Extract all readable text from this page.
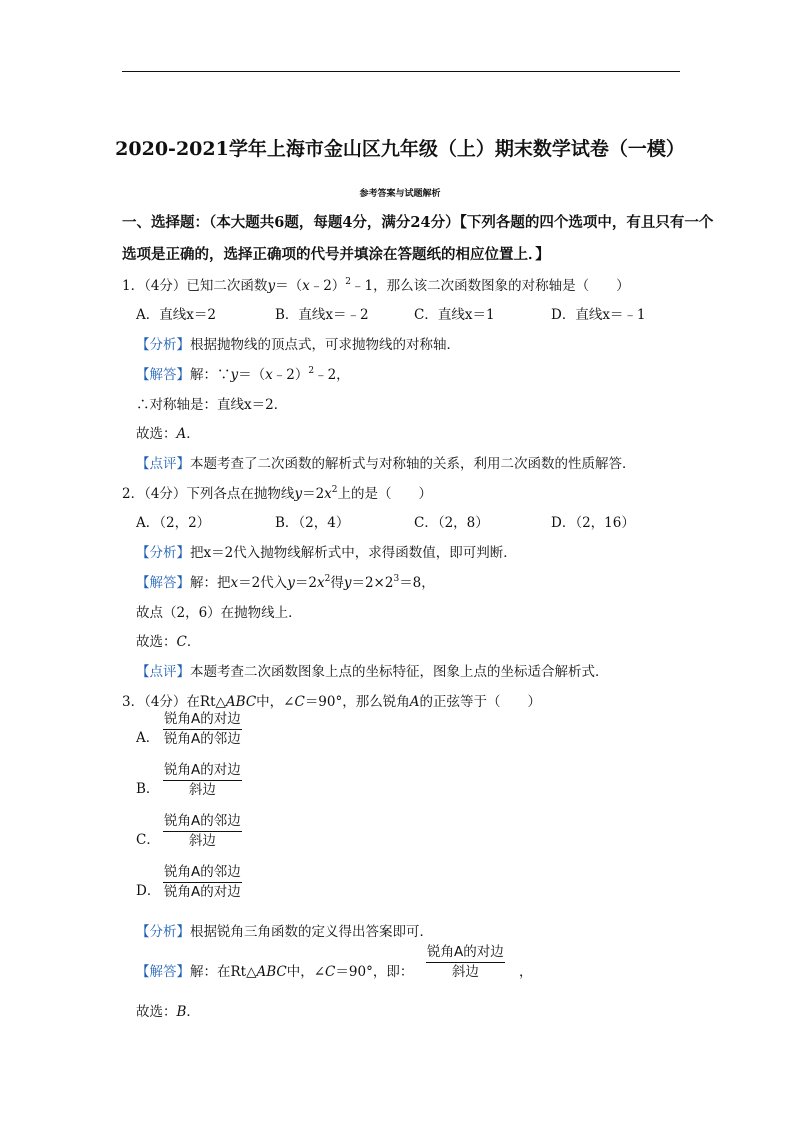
2020-2021学年上海市金山区九年级（上）期末数学试卷（一模）
参考答案与试题解析
一、选择题：（本大题共6题，每题4分，满分24分）【下列各题的四个选项中，有且只有一个
选项是正确的，选择正确项的代号并填涂在答题纸的相应位置上．】
1．（4分）已知二次函数y＝（x﹣2）$^2$﹣1，那么该二次函数图象的对称轴是（　　）
A．直线x＝2	B．直线x＝﹣2	C．直线x＝1	D．直线x＝﹣1
【分析】根据抛物线的顶点式，可求抛物线的对称轴．
【解答】解：∵y＝（x﹣2）$^2$﹣2，
∴对称轴是：直线x＝2．
故选：A．
【点评】本题考查了二次函数的解析式与对称轴的关系，利用二次函数的性质解答．
2．（4分）下列各点在抛物线$y=2x^2$上的是（　　）
A．（2，2）	B．（2，4）	C．（2，8）	D．（2，16）
【分析】把x＝2代入抛物线解析式中，求得函数值，即可判断．
【解答】解：把x＝2代入$y=2x^2$得$y=2\times 2^3=8$，
故点（2，6）在抛物线上．
故选：C．
【点评】本题考查二次函数图象上点的坐标特征，图象上点的坐标适合解析式．
3．（4分）在Rt△ABC中，∠C＝90°，那么锐角A的正弦等于（　　）
A．
锐角A的对边
锐角A的邻边
B．
锐角A的对边
斜边
C．
锐角A的邻边
斜边
D．
锐角A的邻边
锐角A的对边
【分析】根据锐角三角函数的定义得出答案即可．
【解答】解：在Rt△ABC中，∠C＝90°，即：
锐角A的对边
斜边	，
故选：B．
